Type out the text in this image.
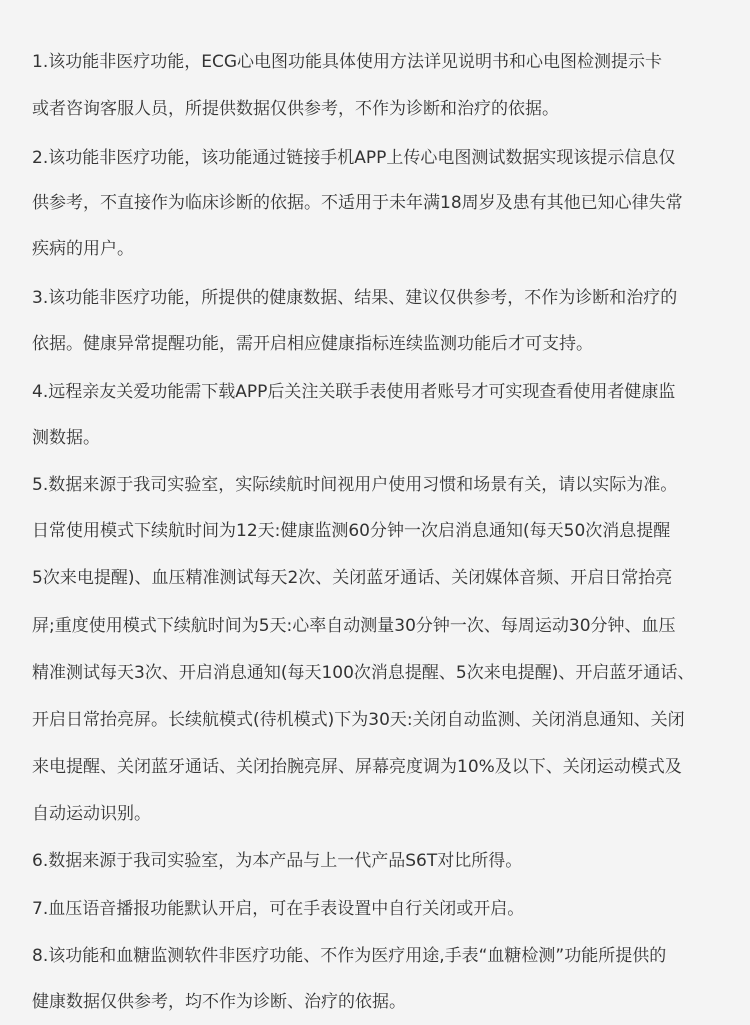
1.该功能非医疗功能，ECG心电图功能具体使用方法详见说明书和心电图检测提示卡
或者咨询客服人员，所提供数据仅供参考，不作为诊断和治疗的依据。
2.该功能非医疗功能，该功能通过链接手机APP上传心电图测试数据实现该提示信息仅
供参考，不直接作为临床诊断的依据。不适用于未年满18周岁及患有其他已知心律失常
疾病的用户。
3.该功能非医疗功能，所提供的健康数据、结果、建议仅供参考，不作为诊断和治疗的
依据。健康异常提醒功能，需开启相应健康指标连续监测功能后才可支持。
4.远程亲友关爱功能需下载APP后关注关联手表使用者账号才可实现查看使用者健康监
测数据。
5.数据来源于我司实验室，实际续航时间视用户使用习惯和场景有关，请以实际为准。
日常使用模式下续航时间为12天:健康监测60分钟一次启消息通知(每天50次消息提醒
5次来电提醒)、血压精准测试每天2次、关闭蓝牙通话、关闭媒体音频、开启日常抬亮
屏;重度使用模式下续航时间为5天:心率自动测量30分钟一次、每周运动30分钟、血压
精准测试每天3次、开启消息通知(每天100次消息提醒、5次来电提醒)、开启蓝牙通话、
开启日常抬亮屏。长续航模式(待机模式)下为30天:关闭自动监测、关闭消息通知、关闭
来电提醒、关闭蓝牙通话、关闭抬腕亮屏、屏幕亮度调为10%及以下、关闭运动模式及
自动运动识别。
6.数据来源于我司实验室，为本产品与上一代产品S6T对比所得。
7.血压语音播报功能默认开启，可在手表设置中自行关闭或开启。
8.该功能和血糖监测软件非医疗功能、不作为医疗用途,手表“血糖检测”功能所提供的
健康数据仅供参考，均不作为诊断、治疗的依据。
